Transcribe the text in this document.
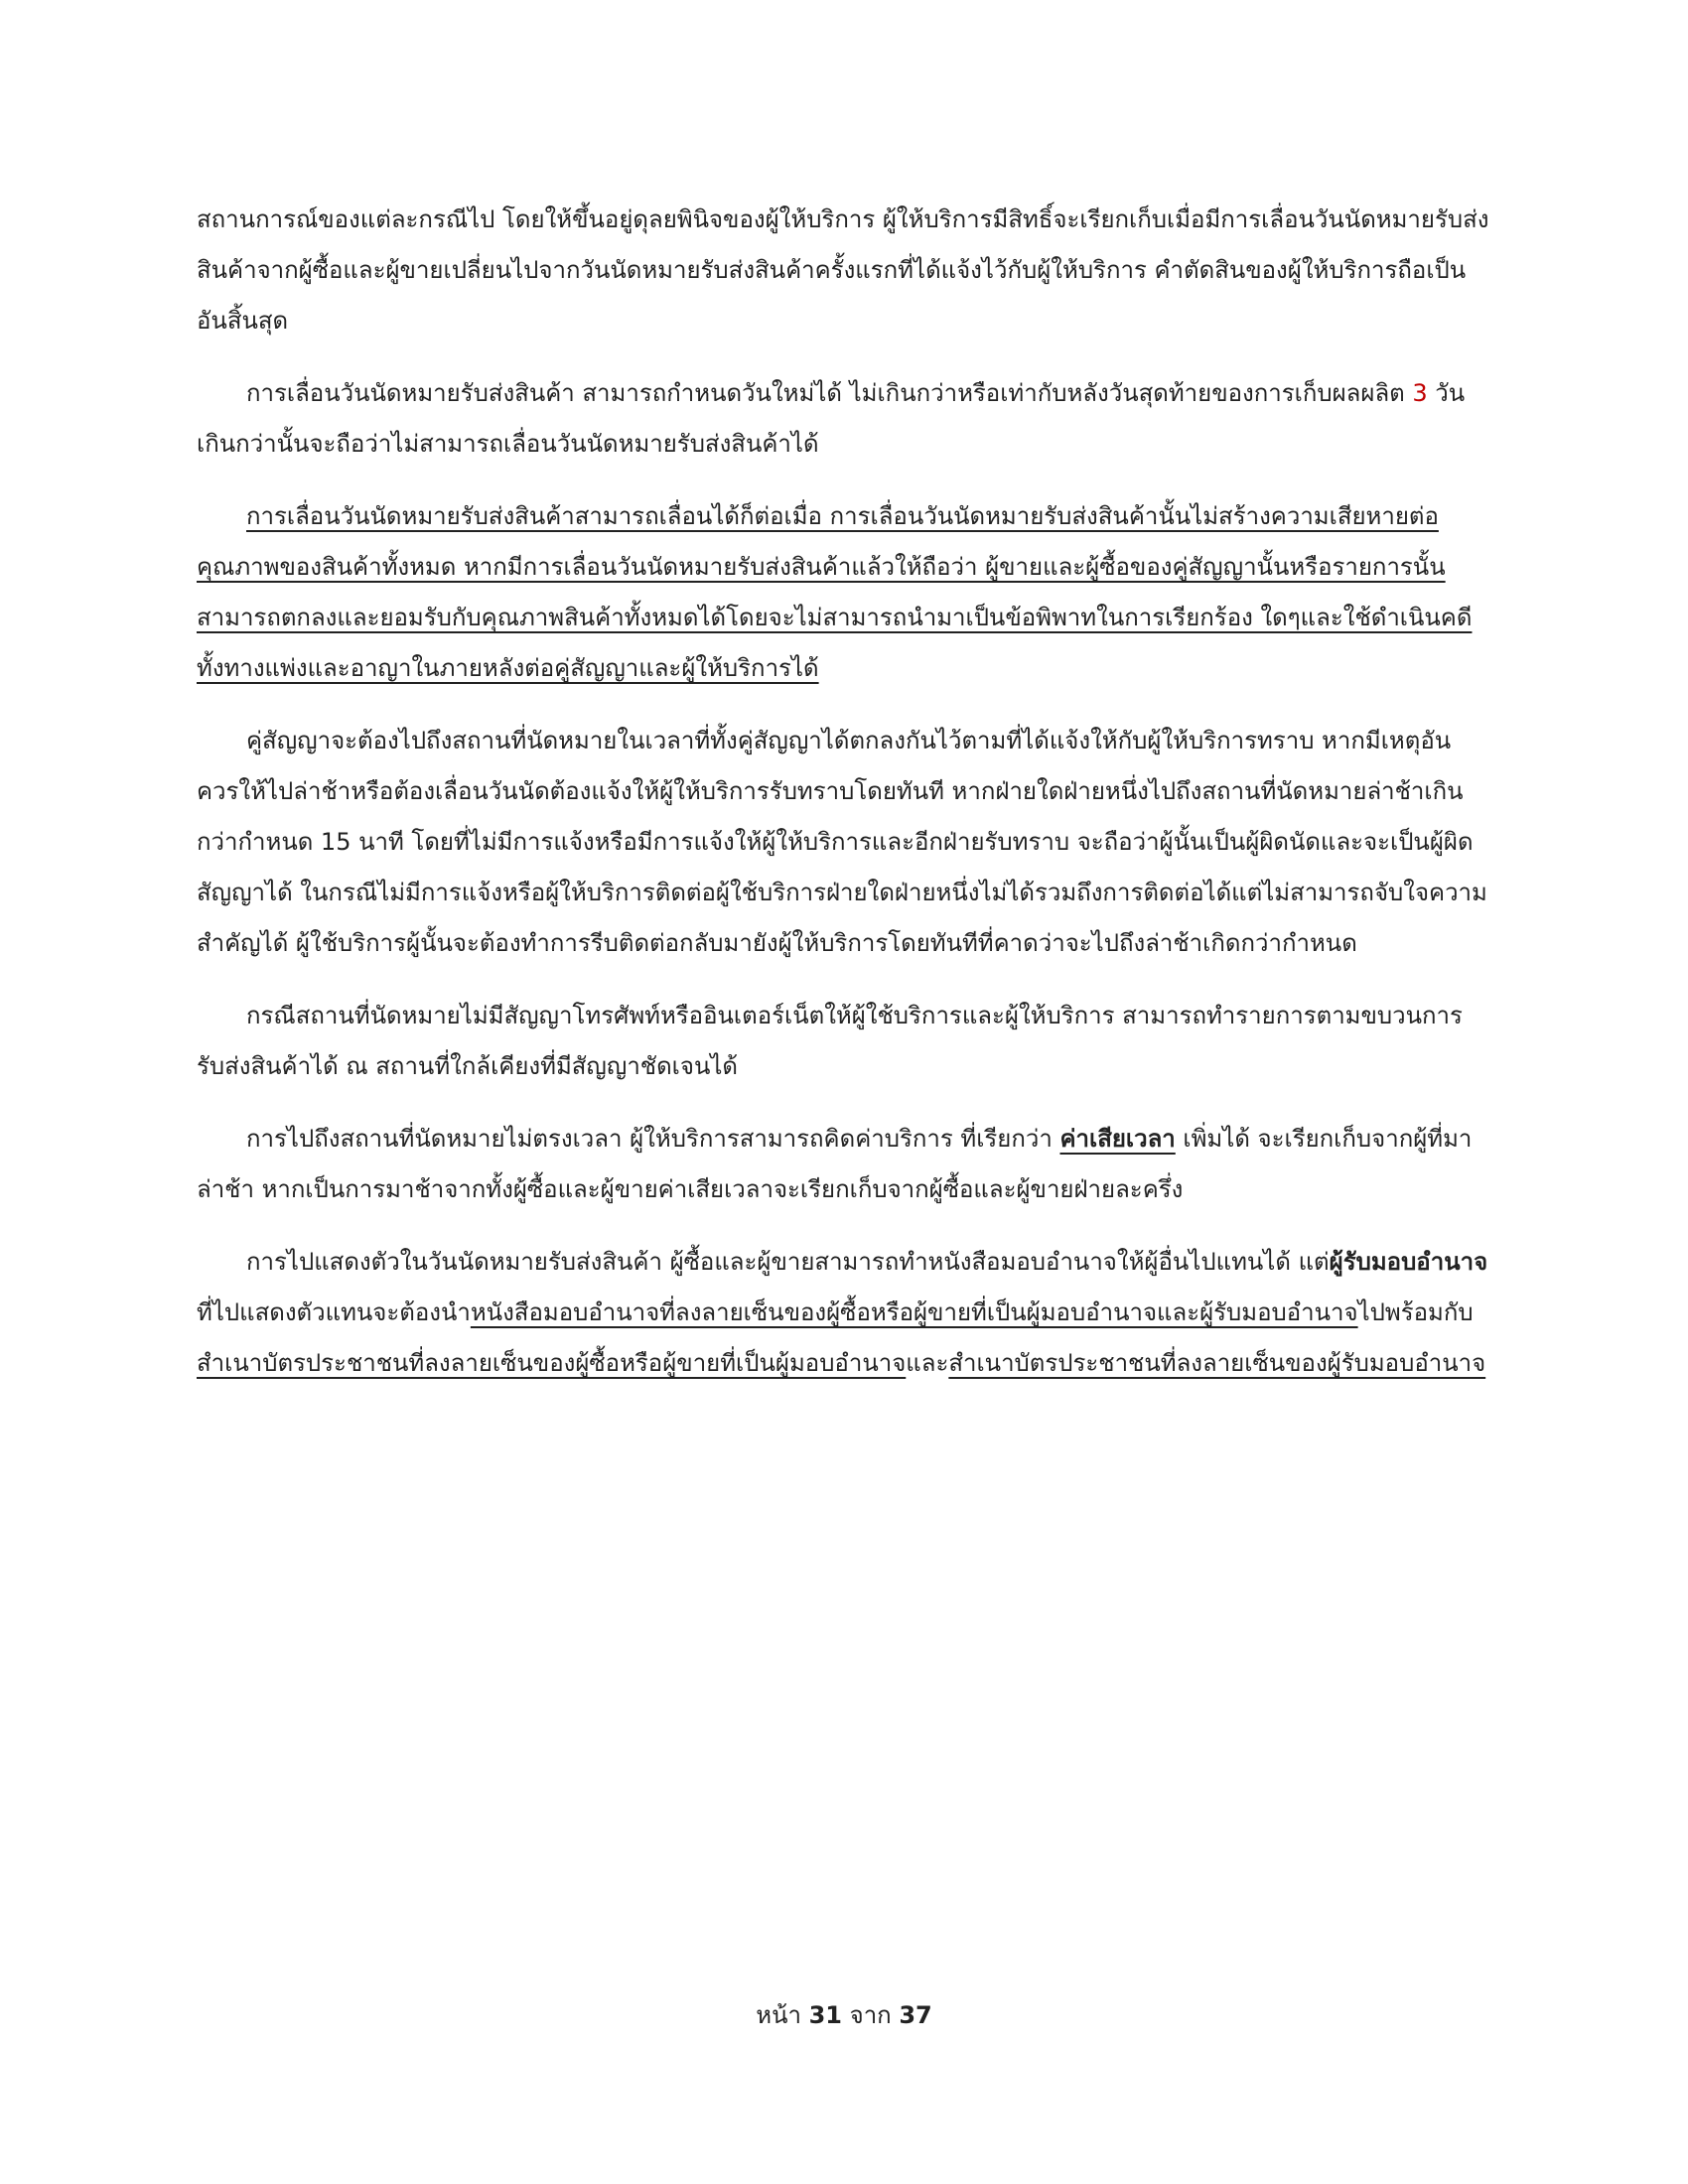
สถานการณ์ของแต่ละกรณีไป โดยให้ขึ้นอยู่ดุลยพินิจของผู้ให้บริการ ผู้ให้บริการมีสิทธิ์จะเรียกเก็บเมื่อมีการเลื่อนวันนัดหมายรับส่งสินค้าจากผู้ซื้อและผู้ขายเปลี่ยนไปจากวันนัดหมายรับส่งสินค้าครั้งแรกที่ได้แจ้งไว้กับผู้ให้บริการ คำตัดสินของผู้ให้บริการถือเป็นอันสิ้นสุด

การเลื่อนวันนัดหมายรับส่งสินค้า สามารถกำหนดวันใหม่ได้ ไม่เกินกว่าหรือเท่ากับหลังวันสุดท้ายของการเก็บผลผลิต 3 วัน เกินกว่านั้นจะถือว่าไม่สามารถเลื่อนวันนัดหมายรับส่งสินค้าได้

การเลื่อนวันนัดหมายรับส่งสินค้าสามารถเลื่อนได้ก็ต่อเมื่อ การเลื่อนวันนัดหมายรับส่งสินค้านั้นไม่สร้างความเสียหายต่อคุณภาพของสินค้าทั้งหมด หากมีการเลื่อนวันนัดหมายรับส่งสินค้าแล้วให้ถือว่า ผู้ขายและผู้ซื้อของคู่สัญญานั้นหรือรายการนั้นสามารถตกลงและยอมรับกับคุณภาพสินค้าทั้งหมดได้โดยจะไม่สามารถนำมาเป็นข้อพิพาทในการเรียกร้อง ใดๆและใช้ดำเนินคดีทั้งทางแพ่งและอาญาในภายหลังต่อคู่สัญญาและผู้ให้บริการได้

คู่สัญญาจะต้องไปถึงสถานที่นัดหมายในเวลาที่ทั้งคู่สัญญาได้ตกลงกันไว้ตามที่ได้แจ้งให้กับผู้ให้บริการทราบ หากมีเหตุอันควรให้ไปล่าช้าหรือต้องเลื่อนวันนัดต้องแจ้งให้ผู้ให้บริการรับทราบโดยทันที หากฝ่ายใดฝ่ายหนึ่งไปถึงสถานที่นัดหมายล่าช้าเกินกว่ากำหนด 15 นาที โดยที่ไม่มีการแจ้งหรือมีการแจ้งให้ผู้ให้บริการและอีกฝ่ายรับทราบ จะถือว่าผู้นั้นเป็นผู้ผิดนัดและจะเป็นผู้ผิดสัญญาได้ ในกรณีไม่มีการแจ้งหรือผู้ให้บริการติดต่อผู้ใช้บริการฝ่ายใดฝ่ายหนึ่งไม่ได้รวมถึงการติดต่อได้แต่ไม่สามารถจับใจความสำคัญได้ ผู้ใช้บริการผู้นั้นจะต้องทำการรีบติดต่อกลับมายังผู้ให้บริการโดยทันทีที่คาดว่าจะไปถึงล่าช้าเกิดกว่ากำหนด

กรณีสถานที่นัดหมายไม่มีสัญญาโทรศัพท์หรืออินเตอร์เน็ตให้ผู้ใช้บริการและผู้ให้บริการ สามารถทำรายการตามขบวนการรับส่งสินค้าได้ ณ สถานที่ใกล้เคียงที่มีสัญญาชัดเจนได้

การไปถึงสถานที่นัดหมายไม่ตรงเวลา ผู้ให้บริการสามารถคิดค่าบริการ ที่เรียกว่า ค่าเสียเวลา เพิ่มได้ จะเรียกเก็บจากผู้ที่มาล่าช้า หากเป็นการมาช้าจากทั้งผู้ซื้อและผู้ขายค่าเสียเวลาจะเรียกเก็บจากผู้ซื้อและผู้ขายฝ่ายละครึ่ง

การไปแสดงตัวในวันนัดหมายรับส่งสินค้า ผู้ซื้อและผู้ขายสามารถทำหนังสือมอบอำนาจให้ผู้อื่นไปแทนได้ แต่ผู้รับมอบอำนาจที่ไปแสดงตัวแทนจะต้องนำหนังสือมอบอำนาจที่ลงลายเซ็นของผู้ซื้อหรือผู้ขายที่เป็นผู้มอบอำนาจและผู้รับมอบอำนาจไปพร้อมกับสำเนาบัตรประชาชนที่ลงลายเซ็นของผู้ซื้อหรือผู้ขายที่เป็นผู้มอบอำนาจและสำเนาบัตรประชาชนที่ลงลายเซ็นของผู้รับมอบอำนาจ

หน้า 31 จาก 37
